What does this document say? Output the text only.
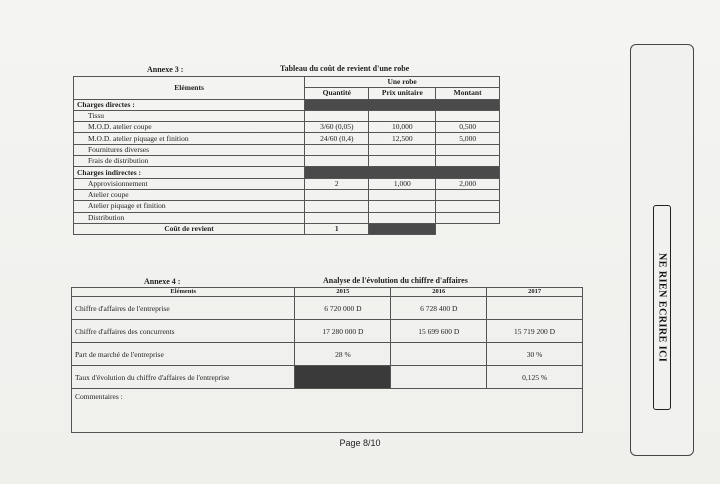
Annexe 3 :	Tableau du coût de revient d'une robe
Eléments	Une robe		
	Quantité	Prix unitaire	Montant
Charges directes :			
Tissu			
M.O.D. atelier coupe	3/60 (0,05)	10,000	0,500
M.O.D. atelier piquage et finition	24/60 (0,4)	12,500	5,000
Fournitures diverses			
Frais de distribution			
Charges indirectes :			
Approvisionnement	2	1,000	2,000
Atelier coupe			
Atelier piquage et finition			
Distribution			
Coût de revient	1		
Annexe 4 :	Analyse de l'évolution du chiffre d'affaires
Eléments	2015	2016	2017
Chiffre d'affaires de l'entreprise	6 720 000 D	6 728 400 D	
Chiffre d'affaires des concurrents	17 280 000 D	15 699 600 D	15 719 200 D
Part de marché de l'entreprise	28 %		30 %
Taux d'évolution du chiffre d'affaires de l'entreprise			0,125 %
Commentaires :			
Page 8/10
NE RIEN ECRIRE ICI
